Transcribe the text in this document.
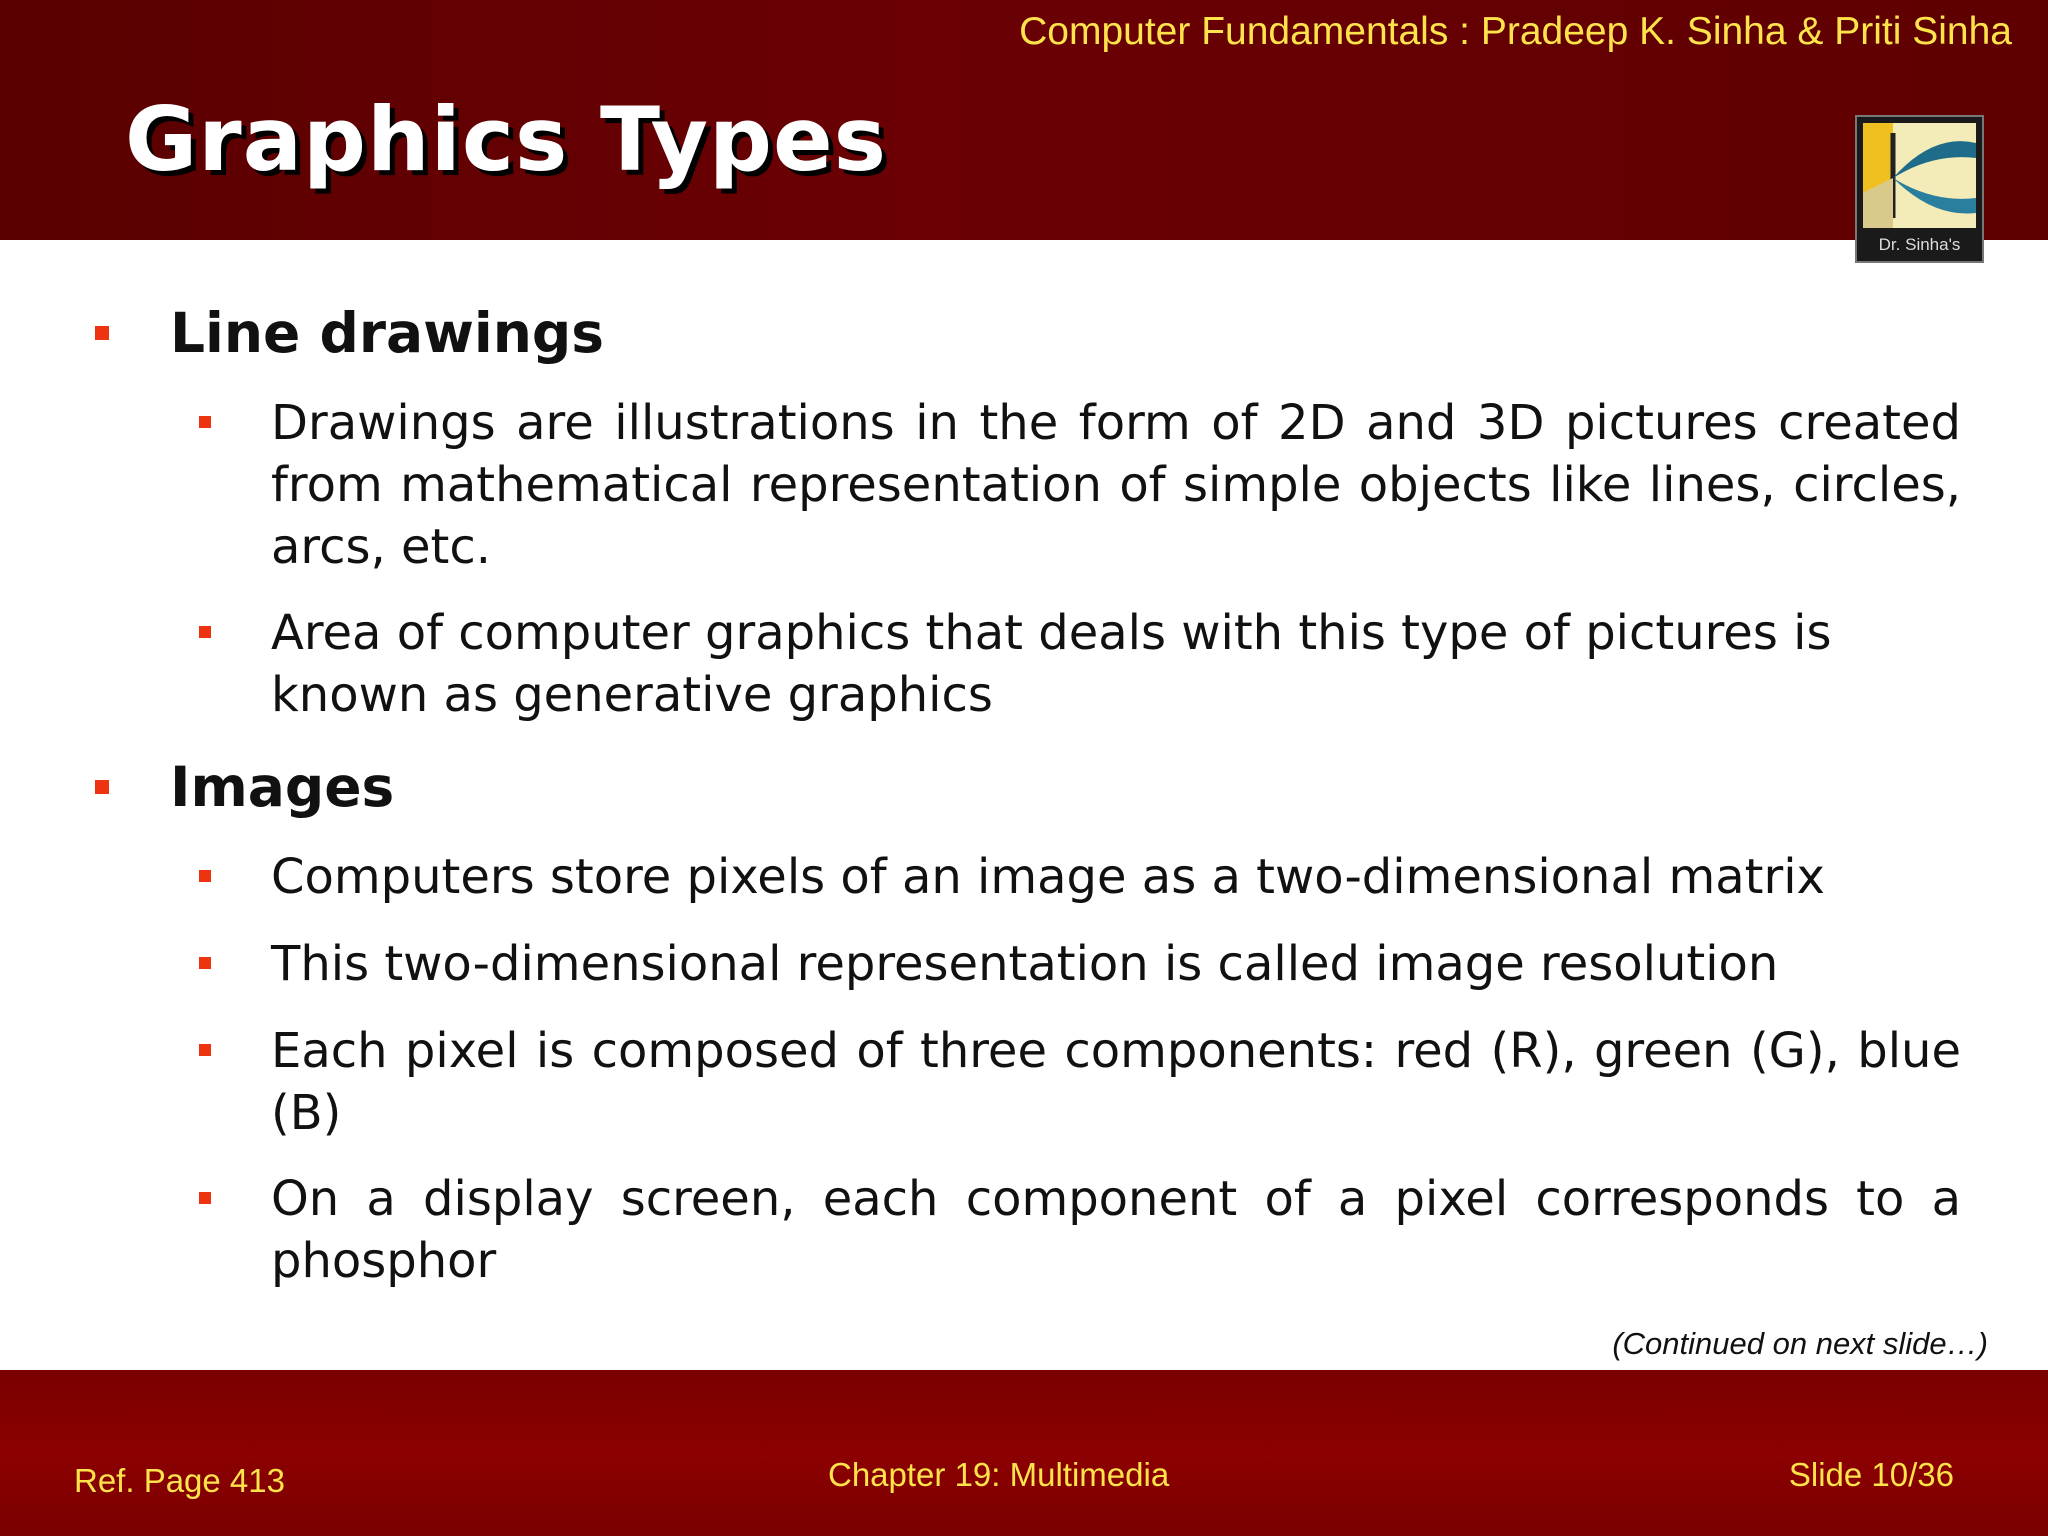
Computer Fundamentals : Pradeep K. Sinha & Priti Sinha
Graphics Types
Dr. Sinha's
Line drawings

Drawings are illustrations in the form of 2D and 3D pictures created from mathematical representation of simple objects like lines, circles, arcs, etc.

Area of computer graphics that deals with this type of pictures is known as generative graphics

Images

Computers store pixels of an image as a two-dimensional matrix

This two-dimensional representation is called image resolution

Each pixel is composed of three components: red (R), green (G), blue (B)

On a display screen, each component of a pixel corresponds to a phosphor

(Continued on next slide…)
Ref. Page 413	Chapter 19: Multimedia	Slide 10/36
